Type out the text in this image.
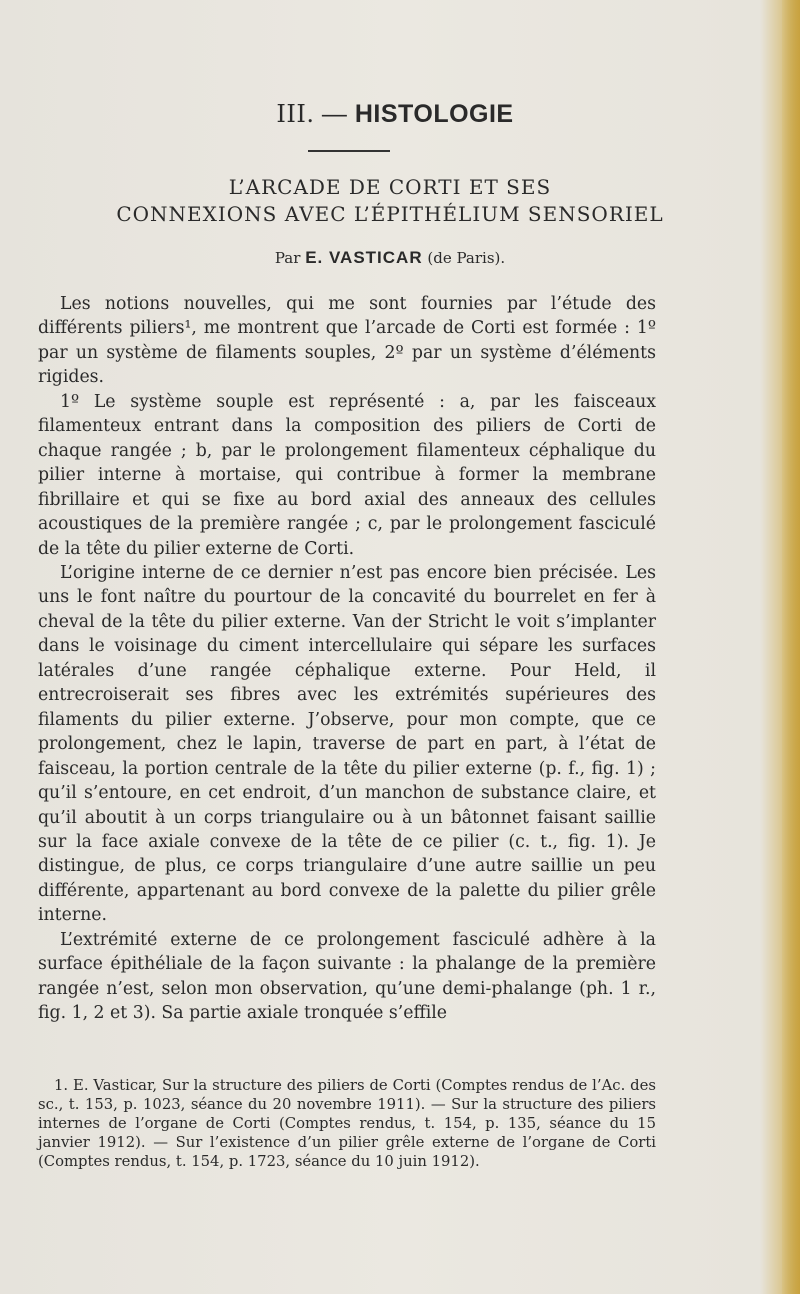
III. — HISTOLOGIE
L’ARCADE DE CORTI ET SES
CONNEXIONS AVEC L’ÉPITHÉLIUM SENSORIEL
Par E. VASTICAR (de Paris).

Les notions nouvelles, qui me sont fournies par l’étude des différents piliers¹, me montrent que l’arcade de Corti est formée : 1º par un système de filaments souples, 2º par un système d’éléments rigides.

1º Le système souple est représenté : a, par les faisceaux filamenteux entrant dans la composition des piliers de Corti de chaque rangée ; b, par le prolongement filamenteux céphalique du pilier interne à mortaise, qui contribue à former la membrane fibrillaire et qui se fixe au bord axial des anneaux des cellules acoustiques de la première rangée ; c, par le prolongement fasciculé de la tête du pilier externe de Corti.

L’origine interne de ce dernier n’est pas encore bien précisée. Les uns le font naître du pourtour de la concavité du bourrelet en fer à cheval de la tête du pilier externe. Van der Stricht le voit s’implanter dans le voisinage du ciment intercellulaire qui sépare les surfaces latérales d’une rangée céphalique externe. Pour Held, il entrecroiserait ses fibres avec les extrémités supérieures des filaments du pilier externe. J’observe, pour mon compte, que ce prolongement, chez le lapin, traverse de part en part, à l’état de faisceau, la portion centrale de la tête du pilier externe (p. f., fig. 1) ; qu’il s’entoure, en cet endroit, d’un manchon de substance claire, et qu’il aboutit à un corps triangulaire ou à un bâtonnet faisant saillie sur la face axiale convexe de la tête de ce pilier (c. t., fig. 1). Je distingue, de plus, ce corps triangulaire d’une autre saillie un peu différente, appartenant au bord convexe de la palette du pilier grêle interne.

L’extrémité externe de ce prolongement fasciculé adhère à la surface épithéliale de la façon suivante : la phalange de la première rangée n’est, selon mon observation, qu’une demi-phalange (ph. 1 r., fig. 1, 2 et 3). Sa partie axiale tronquée s’effile

1. E. Vasticar, Sur la structure des piliers de Corti (Comptes rendus de l’Ac. des sc., t. 153, p. 1023, séance du 20 novembre 1911). — Sur la structure des piliers internes de l’organe de Corti (Comptes rendus, t. 154, p. 135, séance du 15 janvier 1912). — Sur l’existence d’un pilier grêle externe de l’organe de Corti (Comptes rendus, t. 154, p. 1723, séance du 10 juin 1912).
